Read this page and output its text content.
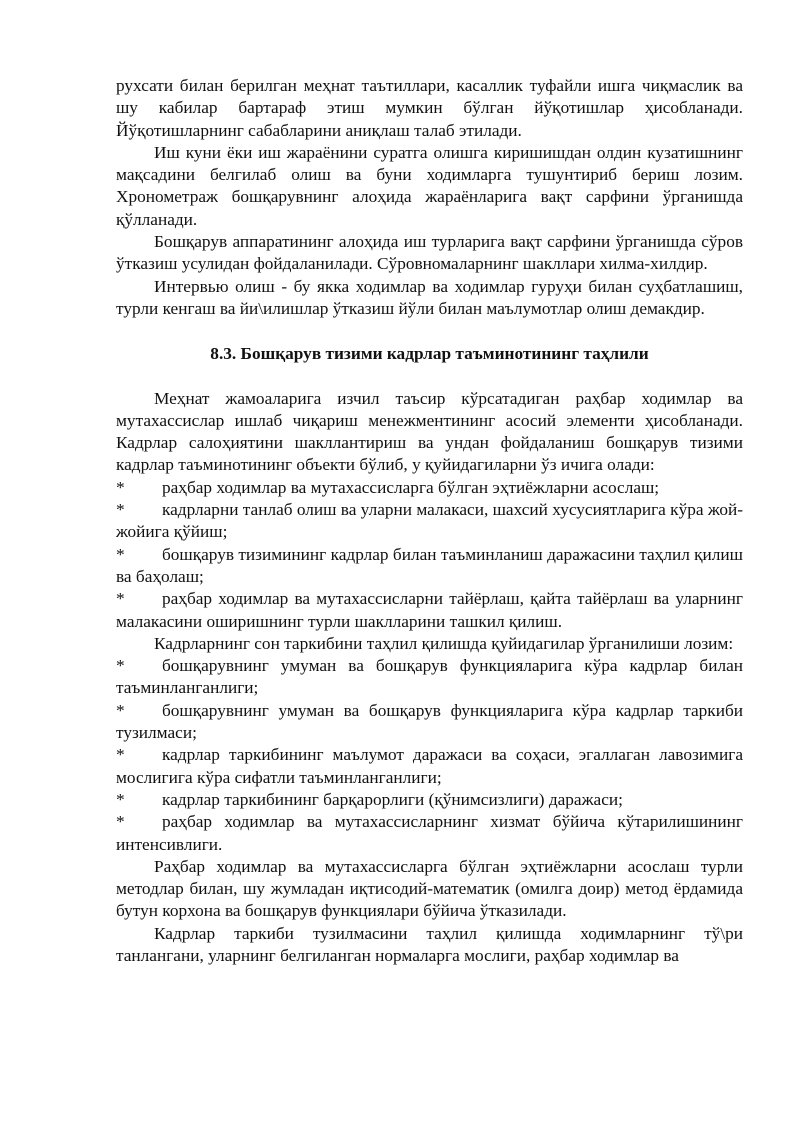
рухсати билан берилган меҳнат таътиллари, касаллик туфайли ишга чиқмаслик ва шу кабилар бартараф этиш мумкин бўлган йўқотишлар ҳисобланади. Йўқотишларнинг сабабларини аниқлаш талаб этилади.

Иш куни ёки иш жараёнини суратга олишга киришишдан олдин кузатишнинг мақсадини белгилаб олиш ва буни ходимларга тушунтириб бериш лозим. Хронометраж бошқарувнинг алоҳида жараёнларига вақт сарфини ўрганишда қўлланади.

Бошқарув аппаратининг алоҳида иш турларига вақт сарфини ўрганишда сўров ўтказиш усулидан фойдаланилади. Сўровномаларнинг шакллари хилма-хилдир.

Интервью олиш - бу якка ходимлар ва ходимлар гуруҳи билан суҳбатлашиш, турли кенгаш ва йи\илишлар ўтказиш йўли билан маълумотлар олиш демакдир.

8.3. Бошқарув тизими кадрлар таъминотининг таҳлили

Меҳнат жамоаларига изчил таъсир кўрсатадиган раҳбар ходимлар ва мутахассислар ишлаб чиқариш менежментининг асосий элементи ҳисобланади. Кадрлар салоҳиятини шакллантириш ва ундан фойдаланиш бошқарув тизими кадрлар таъминотининг объекти бўлиб, у қуйидагиларни ўз ичига олади:

* раҳбар ходимлар ва мутахассисларга бўлган эҳтиёжларни асослаш;

* кадрларни танлаб олиш ва уларни малакаси, шахсий хусусиятларига кўра жой-жойига қўйиш;

* бошқарув тизимининг кадрлар билан таъминланиш даражасини таҳлил қилиш ва баҳолаш;

* раҳбар ходимлар ва мутахассисларни тайёрлаш, қайта тайёрлаш ва уларнинг малакасини оширишнинг турли шаклларини ташкил қилиш.

Кадрларнинг сон таркибини таҳлил қилишда қуйидагилар ўрганилиши лозим:

* бошқарувнинг умуман ва бошқарув функцияларига кўра кадрлар билан таъминланганлиги;

* бошқарувнинг умуман ва бошқарув функцияларига кўра кадрлар таркиби тузилмаси;

* кадрлар таркибининг маълумот даражаси ва соҳаси, эгаллаган лавозимига мослигига кўра сифатли таъминланганлиги;

* кадрлар таркибининг барқарорлиги (қўнимсизлиги) даражаси;

* раҳбар ходимлар ва мутахассисларнинг хизмат бўйича кўтарилишининг интенсивлиги.

Раҳбар ходимлар ва мутахассисларга бўлган эҳтиёжларни асослаш турли методлар билан, шу жумладан иқтисодий-математик (омилга доир) метод ёрдамида бутун корхона ва бошқарув функциялари бўйича ўтказилади.

Кадрлар таркиби тузилмасини таҳлил қилишда ходимларнинг тў\ри танлангани, уларнинг белгиланган нормаларга мослиги, раҳбар ходимлар ва
